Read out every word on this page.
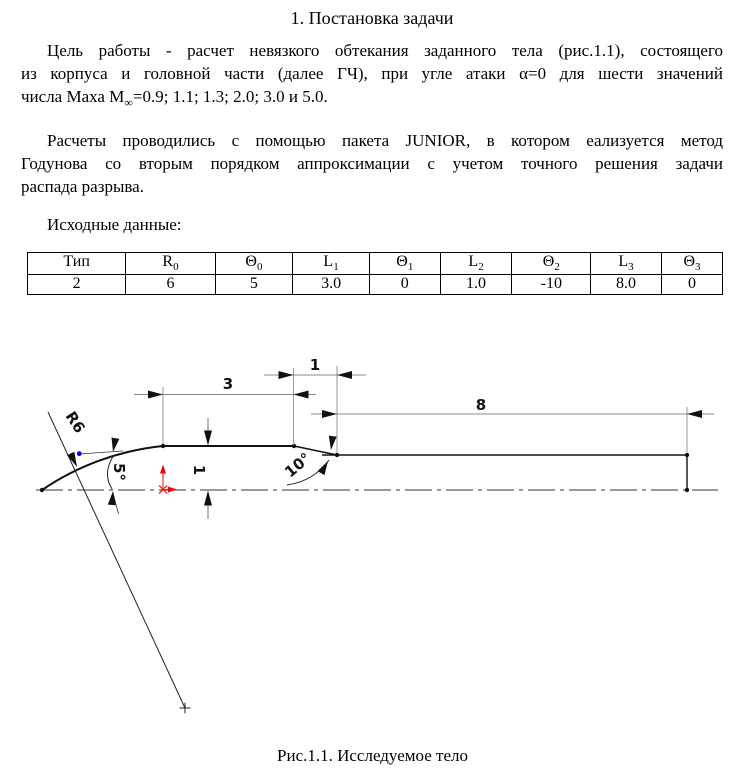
1. Постановка задачи
Цель работы - расчет невязкого обтекания заданного тела (рис.1.1), состоящего
из корпуса и головной части (далее ГЧ), при угле атаки α=0 для шести значений
числа Маха $M_\infty=0.9$; 1.1; 1.3; 2.0; 3.0 и 5.0.
Расчеты проводились с помощью пакета JUNIOR, в котором еализуется метод
Годунова со вторым порядком аппроксимации с учетом точного решения задачи
распада разрыва.
Исходные данные:
Тип	$R_0$	$\Theta_0$	$L_1$	$\Theta_1$	$L_2$	$\Theta_2$	$L_3$	$\Theta_3$
2	6	5	3.0	0	1.0	-10	8.0	0
3
1
8
1
5°	10°
R6
Рис.1.1. Исследуемое тело
